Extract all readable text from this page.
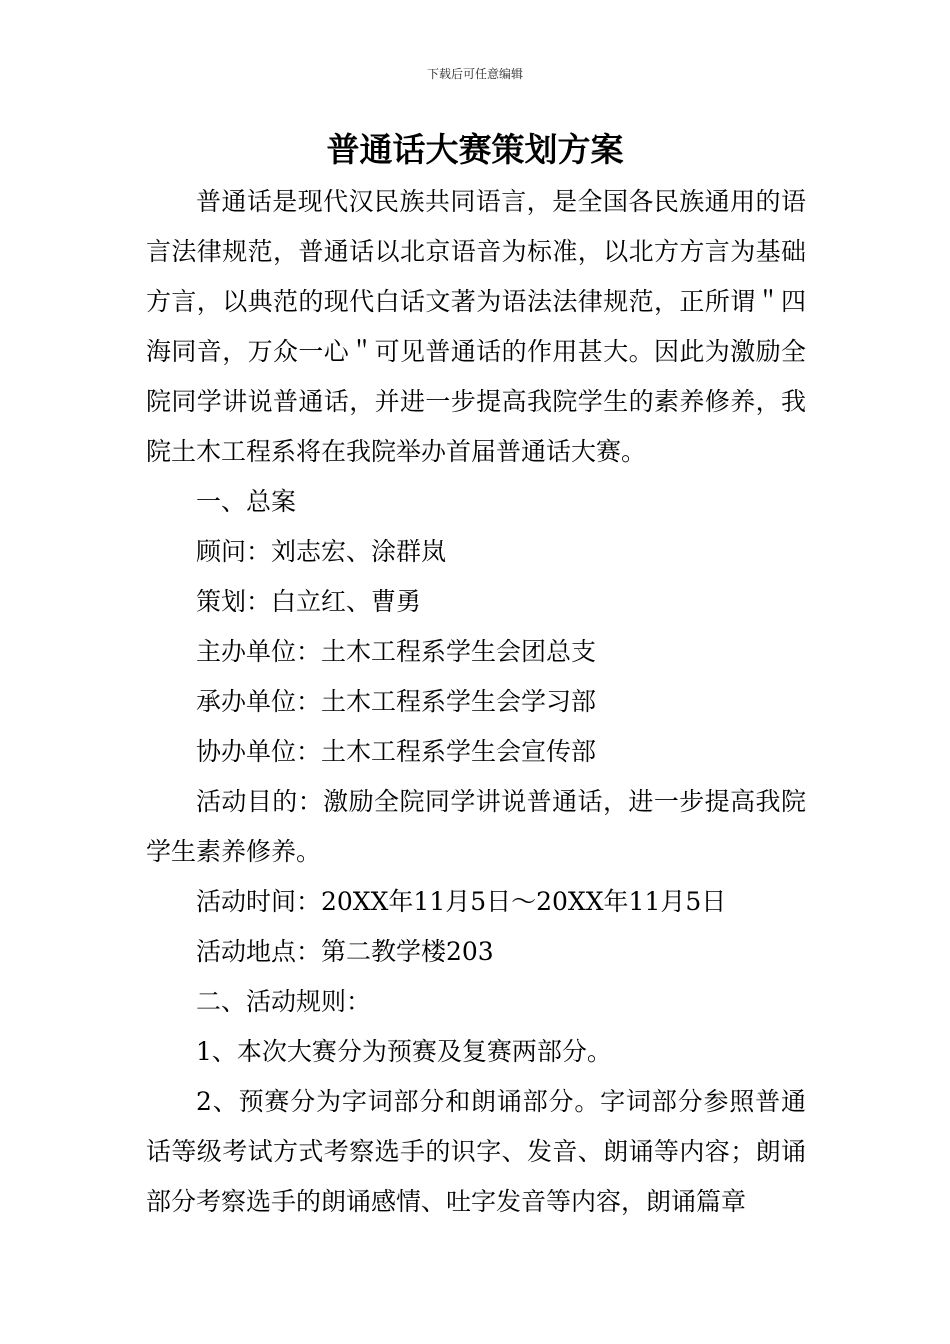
下载后可任意编辑
普通话大赛策划方案

普通话是现代汉民族共同语言，是全国各民族通用的语言法律规范，普通话以北京语音为标准，以北方方言为基础方言，以典范的现代白话文著为语法法律规范，正所谓＂四海同音，万众一心＂可见普通话的作用甚大。因此为激励全院同学讲说普通话，并进一步提高我院学生的素养修养，我院土木工程系将在我院举办首届普通话大赛。

一、总案

顾问：刘志宏、涂群岚

策划：白立红、曹勇

主办单位：土木工程系学生会团总支

承办单位：土木工程系学生会学习部

协办单位：土木工程系学生会宣传部

活动目的：激励全院同学讲说普通话，进一步提高我院学生素养修养。

活动时间：20XX年11月5日～20XX年11月5日

活动地点：第二教学楼203

二、活动规则：

1、本次大赛分为预赛及复赛两部分。

2、预赛分为字词部分和朗诵部分。字词部分参照普通话等级考试方式考察选手的识字、发音、朗诵等内容；朗诵部分考察选手的朗诵感情、吐字发音等内容，朗诵篇章
